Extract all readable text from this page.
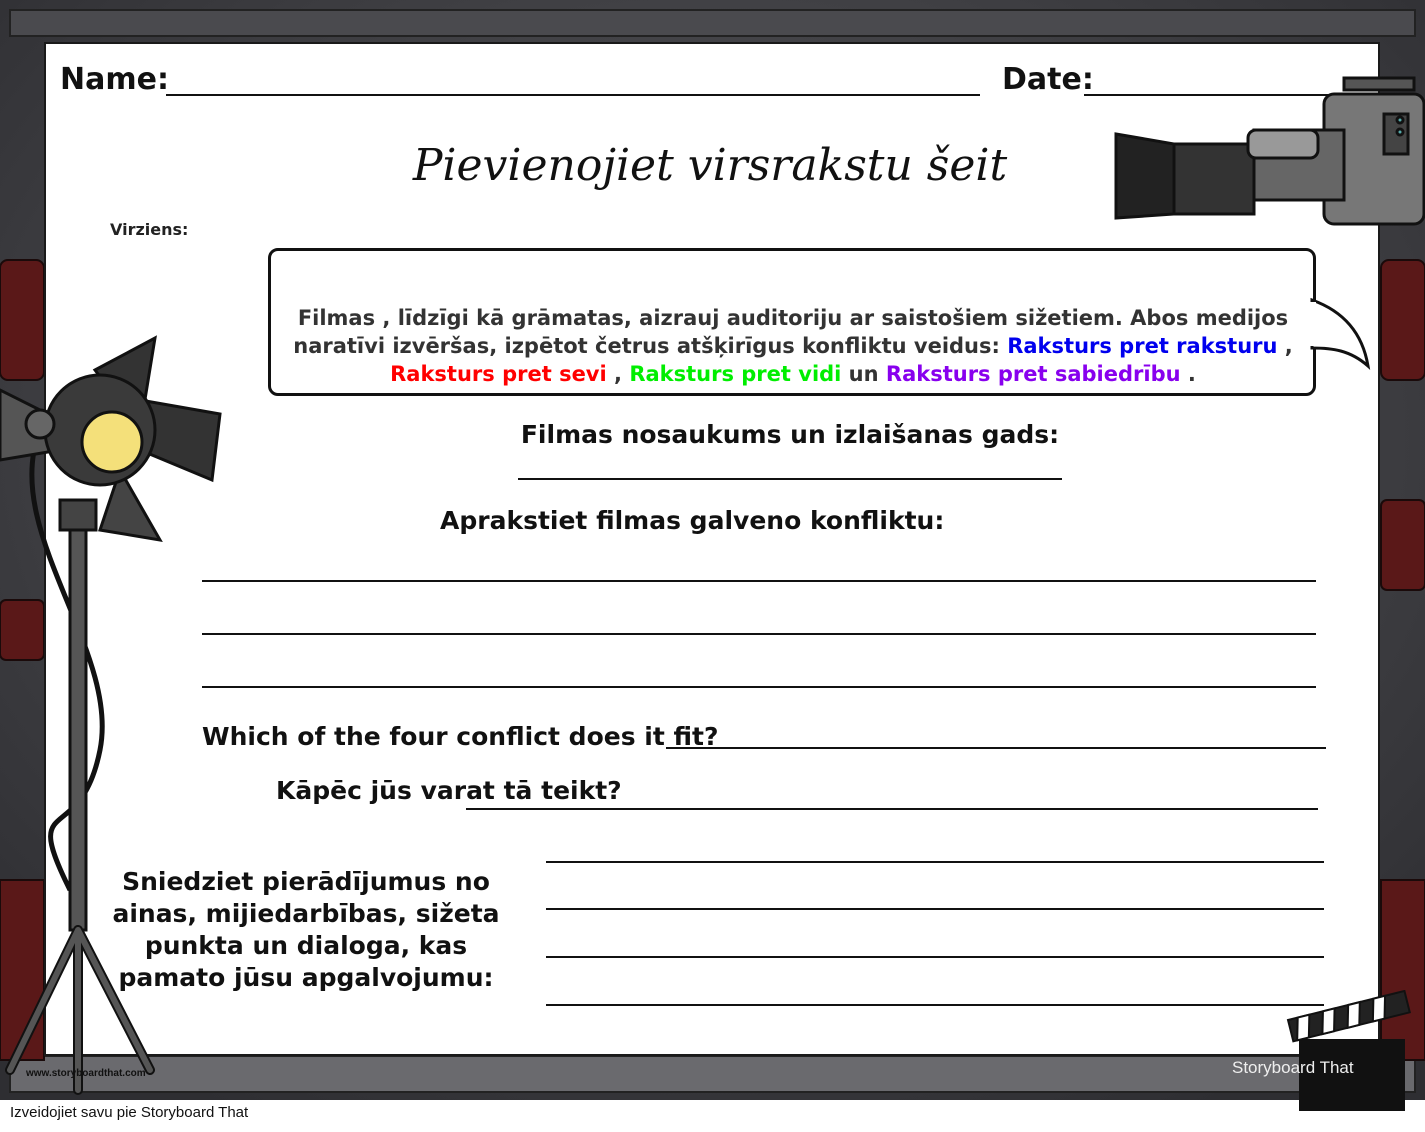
Name:	Date:
Pievienojiet virsrakstu šeit
Virziens:
Filmas , līdzīgi kā grāmatas, aizrauj auditoriju ar saistošiem sižetiem. Abos medijos naratīvi izvēršas, izpētot četrus atšķirīgus konfliktu veidus: Raksturs pret raksturu , Raksturs pret sevi , Raksturs pret vidi un Raksturs pret sabiedrību .
Filmas nosaukums un izlaišanas gads:
Aprakstiet filmas galveno konfliktu:
Which of the four conflict does it fit?
Kāpēc jūs varat tā teikt?
Sniedziet pierādījumus no ainas, mijiedarbības, sižeta punkta un dialoga, kas pamato jūsu apgalvojumu:
www.storyboardthat.com	Storyboard That
Izveidojiet savu pie Storyboard That
